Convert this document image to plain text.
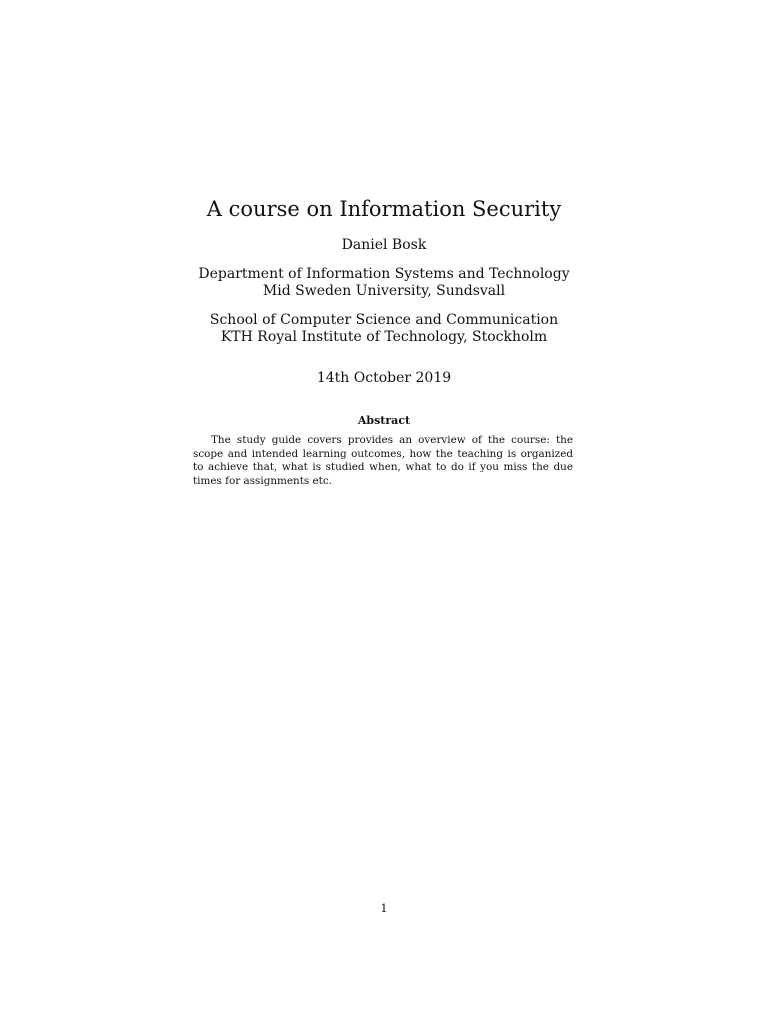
A course on Information Security
Daniel Bosk
Department of Information Systems and Technology
Mid Sweden University, Sundsvall
School of Computer Science and Communication
KTH Royal Institute of Technology, Stockholm
14th October 2019
Abstract

The study guide covers provides an overview of the course: the scope and intended learning outcomes, how the teaching is organized to achieve that, what is studied when, what to do if you miss the due times for assignments etc.

1
